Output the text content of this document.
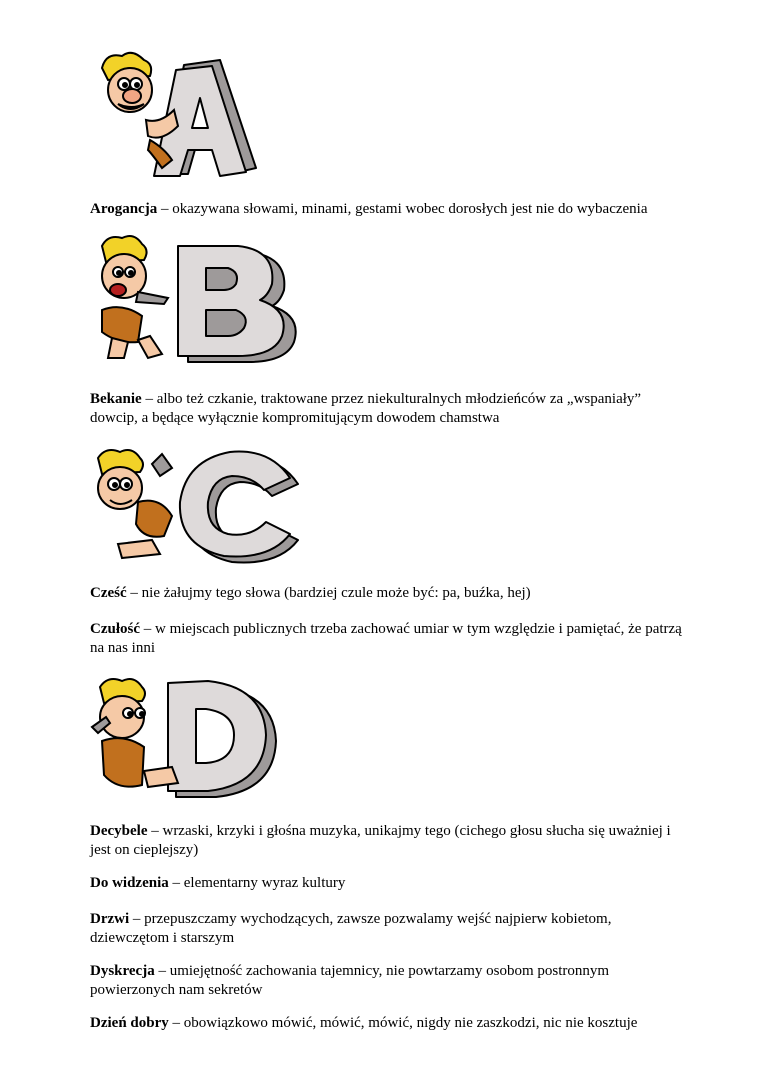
Arogancja – okazywana słowami, minami, gestami wobec dorosłych jest nie do wybaczenia

Bekanie – albo też czkanie, traktowane przez niekulturalnych młodzieńców za „wspaniały” dowcip, a będące wyłącznie kompromitującym dowodem chamstwa

Cześć – nie żałujmy tego słowa (bardziej czule może być: pa, buźka, hej)

Czułość – w miejscach publicznych trzeba zachować umiar w tym względzie i pamiętać, że patrzą na nas inni

Decybele – wrzaski, krzyki i głośna muzyka, unikajmy tego (cichego głosu słucha się uważniej i jest on cieplejszy)

Do widzenia – elementarny wyraz kultury

Drzwi – przepuszczamy wychodzących, zawsze pozwalamy wejść najpierw kobietom, dziewczętom i starszym

Dyskrecja – umiejętność zachowania tajemnicy, nie powtarzamy osobom postronnym powierzonych nam sekretów

Dzień dobry – obowiązkowo mówić, mówić, mówić, nigdy nie zaszkodzi, nic nie kosztuje
